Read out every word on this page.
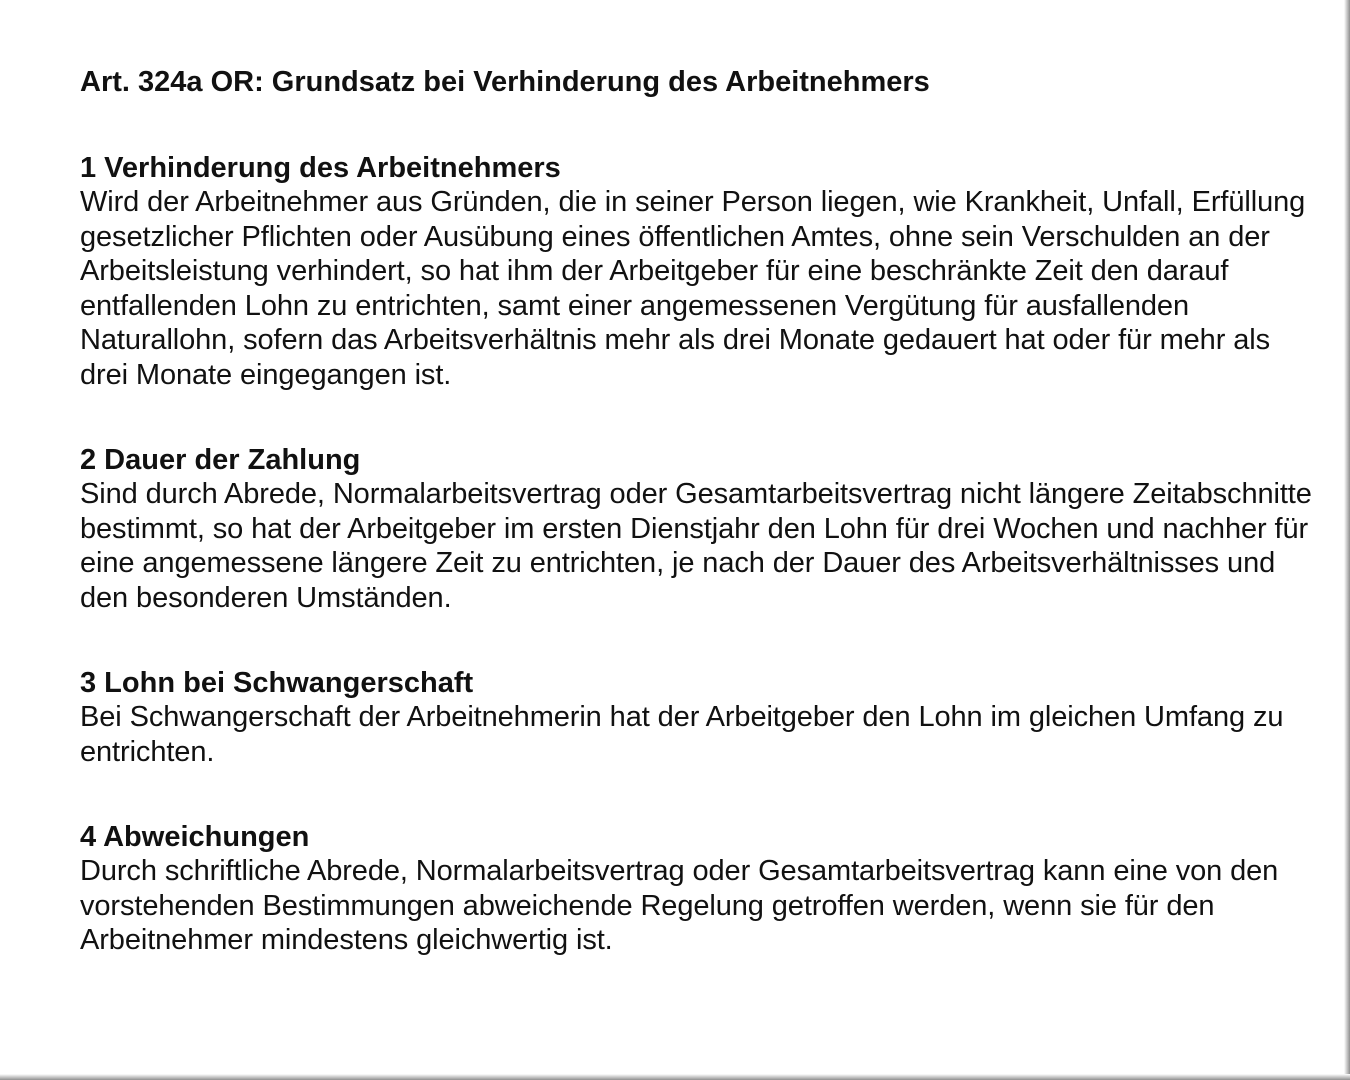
Art. 324a OR: Grundsatz bei Verhinderung des Arbeitnehmers
1 Verhinderung des Arbeitnehmers
Wird der Arbeitnehmer aus Gründen, die in seiner Person liegen, wie Krankheit, Unfall, Erfüllung gesetzlicher Pflichten oder Ausübung eines öffentlichen Amtes, ohne sein Verschulden an der Arbeitsleistung verhindert, so hat ihm der Arbeitgeber für eine beschränkte Zeit den darauf entfallenden Lohn zu entrichten, samt einer angemessenen Vergütung für ausfallenden Naturallohn, sofern das Arbeitsverhältnis mehr als drei Monate gedauert hat oder für mehr als drei Monate eingegangen ist.
2 Dauer der Zahlung
Sind durch Abrede, Normalarbeitsvertrag oder Gesamtarbeitsvertrag nicht längere Zeitabschnitte bestimmt, so hat der Arbeitgeber im ersten Dienstjahr den Lohn für drei Wochen und nachher für eine angemessene längere Zeit zu entrichten, je nach der Dauer des Arbeitsverhältnisses und den besonderen Umständen.
3 Lohn bei Schwangerschaft
Bei Schwangerschaft der Arbeitnehmerin hat der Arbeitgeber den Lohn im gleichen Umfang zu entrichten.
4 Abweichungen
Durch schriftliche Abrede, Normalarbeitsvertrag oder Gesamtarbeitsvertrag kann eine von den vorstehenden Bestimmungen abweichende Regelung getroffen werden, wenn sie für den Arbeitnehmer mindestens gleichwertig ist.
